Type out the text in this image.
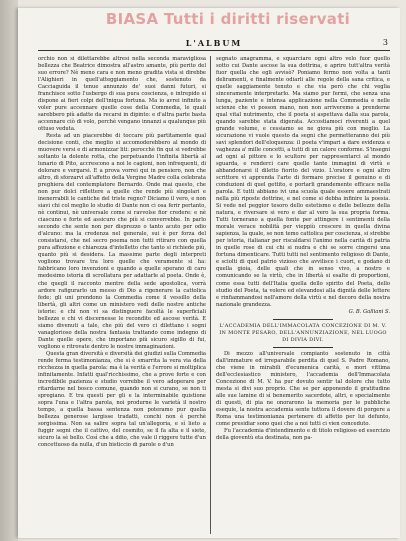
BIASA Tutti i diritti riservati
L'ALBUM	3

orchio non si dilettarebbe altresì nella seconda maravigliosa bellezza che Beatrice dimostra all'astro amante, più perito del suo errore? Nè meno cara e non meno gradita vista si direbbe l'Alighieri in quell'atteggiamento che, sostenuto da Cacciaguida il tenue annunzio de' suoi danni futuri, si franchisce sotto l'usbergo di sua pura coscienza, e intrepido si dispone ai fieri colpi dell'iniqua fortuna. Ma io avrei infinito a voler pure accennare quelle cose della Commedia, le quali sarebbero più adatte da recarsi in dipinto: e d'altra parte basta accennare ciò di volo, perchè vengano innanzi a qualunque più ottuso veduta.

Resta ad un piacerebbe di toccare più partitamente qual decisione conti, che meglio si accomoderebbero al mondo di muovere versi e di armonizzar liti: perocchè fin qui si vedrebbe soltanto la dolente rotta, che perpetuando l'infinita libertà al lunario di Pito, accrescono a noi le cagioni, non infrequenti, di dolorare e vergarsi. E a prova vorrei qui in pensiero, non che altro, di sforzarvi all'affetto della Vergine Madre colla celebrata preghiera del contemplatore Bernardo. Onde mai questo, che non pur dolci riflettere a quelle che rende più singolari e inenerrabili le cantiche del triste regno? Diciamo il vero, e non siavi chi col meglio lo studio di Dante non ci osa ferir pertanto, nè continui, nè universale come si ravvolse fior credere: e nè ciascuno e forte ed assicuro che più si converrebbe. In parlo secondo che sente non per disprezzo o tanto acuto per odio d'alcuno: ma la credenza nel generale, sui è per forza del consistarsi, che nel secro poema non tutti ritiraro con quella pura affezione e chiarezza d'intelletto che tanto si richiede più, quanto più si desidera. La massime parte degli interpreti vogliono trovare tra loro quelle che veramente si ha: fabbricano loro invenzioni e quando a quelle sperano di caro medesimo istoria di scrollatura per adattarle al poeta. Onde è, che quegli il racconto mentre della sede apostolica, vorrà ardore rafigurarlo un messo di Dio a rigenerare la cattolica fede; gli uni prendono la Commedia come il vessillo della libertà, gli altri come un ministero vedi delle nostre antiche istorie: e chi non vi sa distinguere facoltà le superficiali bellezze e chi vi discernesse le recondite ed ascose verità. E siamo divenuti a tale, che più del vero ci dilettano i sogni vanaglorioso della nostra fantasia trattando come indegno di Dante quelle opere, che importano più sicuro sigillo di fui, vogliono e ritrovate dentro le nostre immaginazioni.

Questa gran diversità e diversità dei giudizi sulla Commedia rende ferma testimonianza, che si è smarrita la vera via della ricchezza in quella parola: ma è la verità e l'errore si moltiplica infinitamente. Infatti qual'ricchissimo, che a prove forte e con incredibile pazienza e studio vorrebbe il vero adoperare per ritardarne nel bosco comune, quando non si curano, se non ti spregiano. E tra questi per gli e la interminabile quistione sopra l'una e l'altra parola, noi produrne le varietà il nostro tempo, a quella bassa sentenza non poteramo pur quella bellezza generose largisse tradatti, conchi non è perchè sorgissima. Non sa salire sopra tal un'allegoria, e sì lieto a fuggir segni che il cattivo, del cosmito, se il fa alta e il siete, sicuro la sè bello. Così che a ddio, che vale il riggere tutte d'un concettuoso da nulla, d'un bisticcio di parole o d'un

segnato anagramma, e squarciare ogni altro velo fuor quello sotto cui Dante ascose la sua dottrina, e aprire tutt'altra verità fuor quella che egli avvisò? Poniamo fermo non volta a tanti deliramenti, e finalmente odiarli alle regole della sana critica, e quelle saggiamente tenuto e che via però che chi veglia sinceramente interpretarlo. Ma siamo pur fermi, che senza una lunga, paziente e intensa applicazione nella Commedia e nelle scienze che vi posson mano, non non arriveremo a prenderne qual vital nutrimento, che il poeta si aspettava dalla sua parola, quando sarebbe stata digerata. Accostiamoci riverenti a quel grande volume, e cessiamo se ne giova più con meglio. La sicurazione vi vuole questo da segni che permetteranno dei più savi splendori dell'eloquenza: il poeta v'impari a dare evidenza e vaghezza a' mille concetti, a tutti di un calore conforme. S'insegni ad ogni al pittore e lo scultore per rappresentarci al mondo sguarda, e renderci care quelle tante immagini di virtù e abbandonarsi il diletto fiorito del vizio. L'oratore e ogni altro scrittore vi apprenda l'arte di formare precise il genuino e di conduzioni di quel gettito, e portarli grandemente efficace nella parola. E tutti abbiano ivi una scuola quale essere ammaestrati nella più riposte dottrine, e nel come si debba infinire la poesia. Si vede nel peggior tesoro dello estetismo e delle bellezze della natura, e riversare si vero e dar al vero la sua propria forma. Tutti tornerano a quella fonte per attingere i sentimenti della morale verace nobilità per vieppiù crescere in quella divina sapienza, la quale, se non temo cattolica per coscienza, si strebbe per istoria, italianar per riscaldarsi l'animo nella carità di patria in quelle rose di cui chi si nudra e chi se sorre cingersi una fortuna dimenticare. Tutti tutti nel sentimento religioso di Dante, e sciolti di quel patrio vizioso che avvilisce i cuori, e godano di quella gioia, delle quali che in senso vivo, a nostro e comunicando se la virtù, che in libertà si esalte di proportioni, come essa tutti dell'Italia quella dello spirito del Poeta, dello studio del Poeta, ta volere ed elevandosi alla dignità delle lettere e rinfiammandosi nell'amore della virtù e nel decoro della nostra nazionale grandezza.

G. B. Galliani S.

L'ACCADEMIA DELL'IMMACOLATA CONCEZIONE DI M. V. IN MONTE PESARO, DELL'ANNUNZIAZIONE, NEL LUOGO DI DIVIA DIVI.

Di mezzo all'universale compianto sostenuto in città dall'immature ed irreparabile perdita di quel S. Padre Romano, che viene in mirabili d'ecumenica carità, e mori vittima dell'ecclesiastico ministero, l'accademia dell'Immacolata Concezione di M. V. ha pur dovuto sentir tal dolore che tutto mesta si divi suo proprio. Che se per apponendo il gratitudine alle sue lamine di sì benemerito sacerdote, altri, e specialmente di questi, di pia ne onorarono la memoria per le pubbliche esequie, la nostra accademia sente tuttora il dovere di porgere a Roma una testimonianza pertenere di affetto per lui defunto, come presidiar sono quei che a noi tutti ci vien conceduto.

Fu l'accademia d'intendimento e di titolo religioso ed esercizio della gioventù eta destinata, non pa-
